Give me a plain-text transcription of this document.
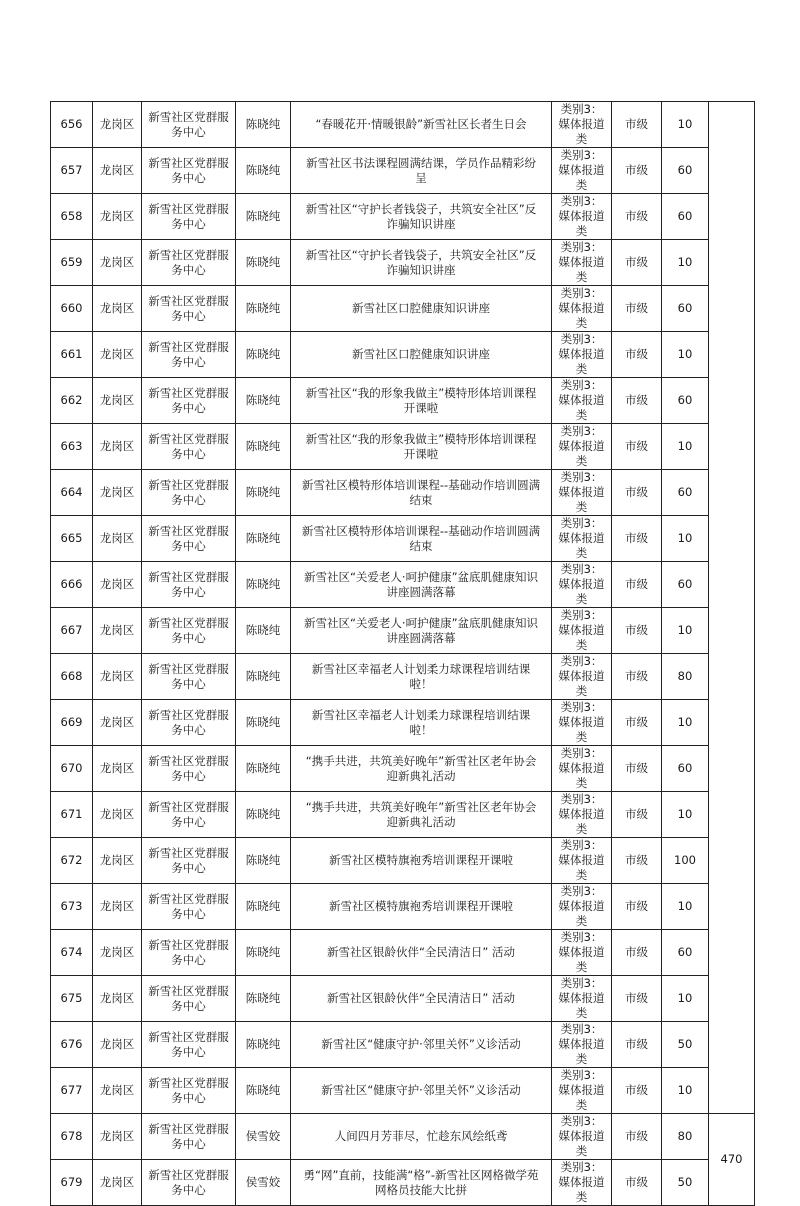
656	龙岗区	新雪社区党群服务中心	陈晓纯	“春暖花开·情暖银龄”新雪社区长者生日会	类别3：媒体报道类	市级	10	
657	龙岗区	新雪社区党群服务中心	陈晓纯	新雪社区书法课程圆满结课，学员作品精彩纷呈	类别3：媒体报道类	市级	60	
658	龙岗区	新雪社区党群服务中心	陈晓纯	新雪社区“守护长者钱袋子，共筑安全社区”反诈骗知识讲座	类别3：媒体报道类	市级	60	
659	龙岗区	新雪社区党群服务中心	陈晓纯	新雪社区“守护长者钱袋子，共筑安全社区”反诈骗知识讲座	类别3：媒体报道类	市级	10	
660	龙岗区	新雪社区党群服务中心	陈晓纯	新雪社区口腔健康知识讲座	类别3：媒体报道类	市级	60	
661	龙岗区	新雪社区党群服务中心	陈晓纯	新雪社区口腔健康知识讲座	类别3：媒体报道类	市级	10	
662	龙岗区	新雪社区党群服务中心	陈晓纯	新雪社区“我的形象我做主”模特形体培训课程开课啦	类别3：媒体报道类	市级	60	
663	龙岗区	新雪社区党群服务中心	陈晓纯	新雪社区“我的形象我做主”模特形体培训课程开课啦	类别3：媒体报道类	市级	10	
664	龙岗区	新雪社区党群服务中心	陈晓纯	新雪社区模特形体培训课程--基础动作培训圆满结束	类别3：媒体报道类	市级	60	
665	龙岗区	新雪社区党群服务中心	陈晓纯	新雪社区模特形体培训课程--基础动作培训圆满结束	类别3：媒体报道类	市级	10	
666	龙岗区	新雪社区党群服务中心	陈晓纯	新雪社区“关爱老人·呵护健康”盆底肌健康知识讲座圆满落幕	类别3：媒体报道类	市级	60	
667	龙岗区	新雪社区党群服务中心	陈晓纯	新雪社区“关爱老人·呵护健康”盆底肌健康知识讲座圆满落幕	类别3：媒体报道类	市级	10	
668	龙岗区	新雪社区党群服务中心	陈晓纯	新雪社区幸福老人计划柔力球课程培训结课啦！	类别3：媒体报道类	市级	80	
669	龙岗区	新雪社区党群服务中心	陈晓纯	新雪社区幸福老人计划柔力球课程培训结课啦！	类别3：媒体报道类	市级	10	
670	龙岗区	新雪社区党群服务中心	陈晓纯	“携手共进，共筑美好晚年”新雪社区老年协会迎新典礼活动	类别3：媒体报道类	市级	60	
671	龙岗区	新雪社区党群服务中心	陈晓纯	“携手共进，共筑美好晚年”新雪社区老年协会迎新典礼活动	类别3：媒体报道类	市级	10	
672	龙岗区	新雪社区党群服务中心	陈晓纯	新雪社区模特旗袍秀培训课程开课啦	类别3：媒体报道类	市级	100	
673	龙岗区	新雪社区党群服务中心	陈晓纯	新雪社区模特旗袍秀培训课程开课啦	类别3：媒体报道类	市级	10	
674	龙岗区	新雪社区党群服务中心	陈晓纯	新雪社区银龄伙伴“全民清洁日” 活动	类别3：媒体报道类	市级	60	
675	龙岗区	新雪社区党群服务中心	陈晓纯	新雪社区银龄伙伴“全民清洁日” 活动	类别3：媒体报道类	市级	10	
676	龙岗区	新雪社区党群服务中心	陈晓纯	新雪社区“健康守护·邻里关怀”义诊活动	类别3：媒体报道类	市级	50	
677	龙岗区	新雪社区党群服务中心	陈晓纯	新雪社区“健康守护·邻里关怀”义诊活动	类别3：媒体报道类	市级	10	
678	龙岗区	新雪社区党群服务中心	侯雪姣	人间四月芳菲尽，忙趁东风绘纸鸢	类别3：媒体报道类	市级	80	470
679	龙岗区	新雪社区党群服务中心	侯雪姣	勇“网”直前，技能满“格”-新雪社区网格微学苑网格员技能大比拼	类别3：媒体报道类	市级	50	
